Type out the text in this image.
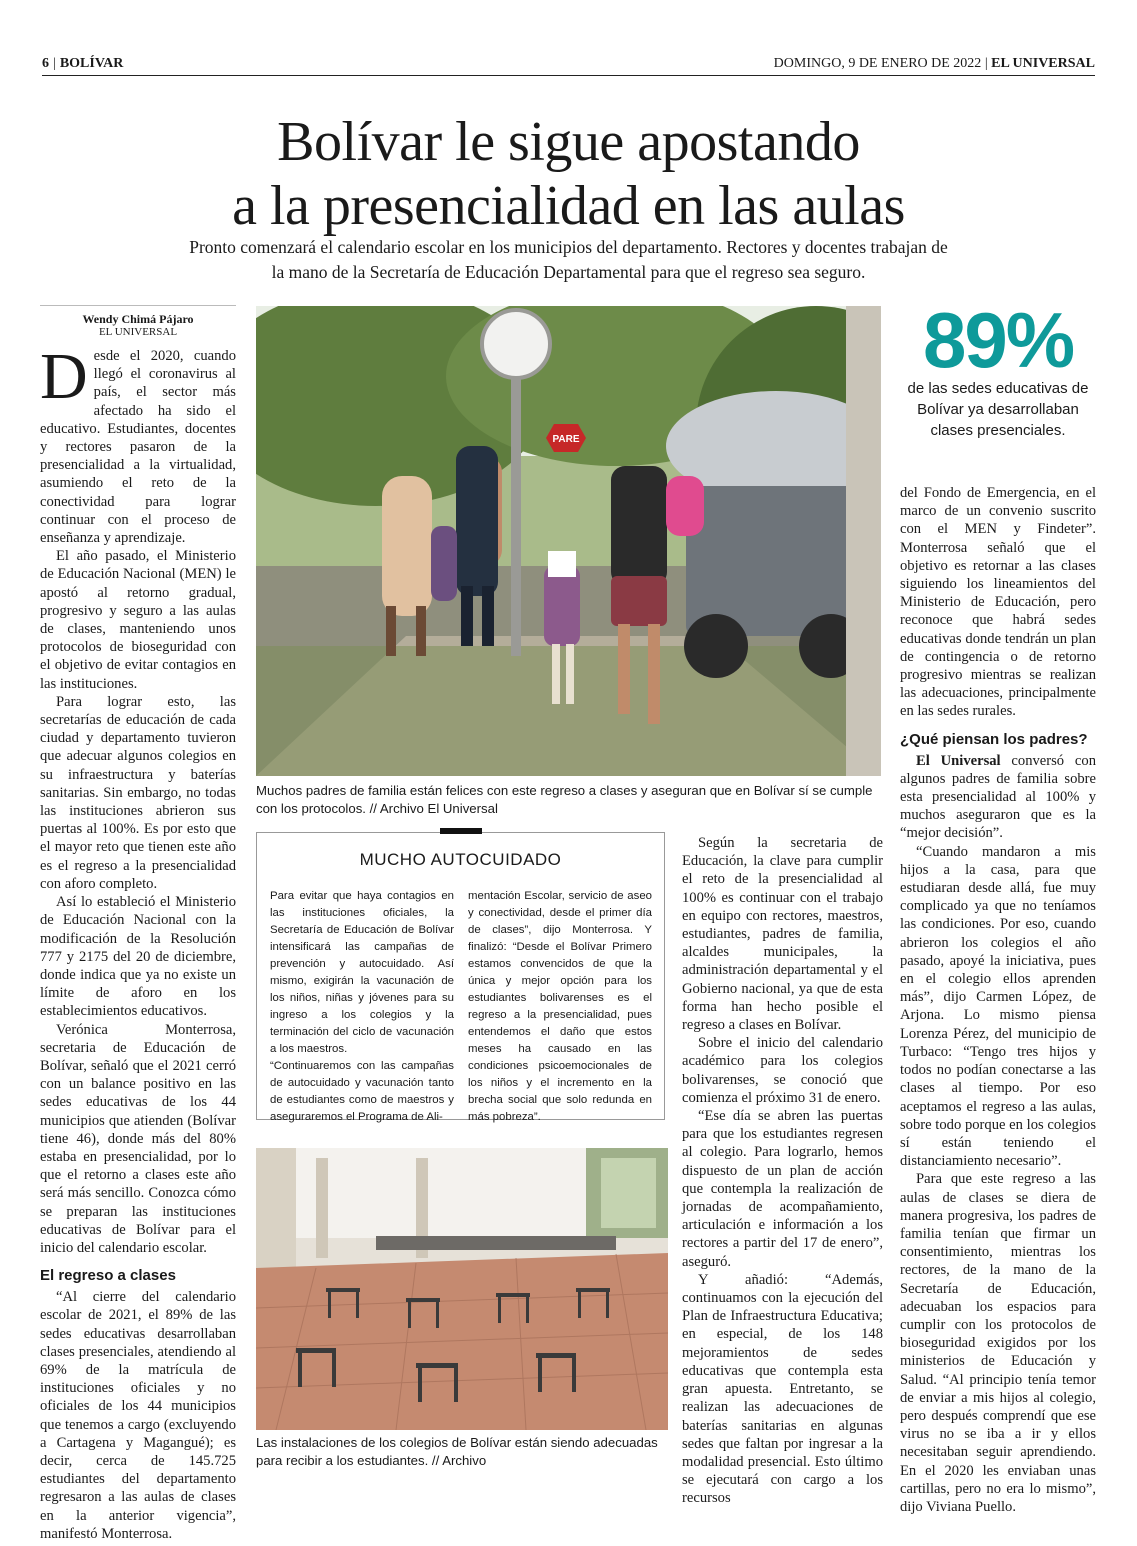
6 | BOLÍVAR	DOMINGO, 9 DE ENERO DE 2022 | EL UNIVERSAL
Bolívar le sigue apostando
a la presencialidad en las aulas
Pronto comenzará el calendario escolar en los municipios del departamento. Rectores y docentes trabajan de
la mano de la Secretaría de Educación Departamental para que el regreso sea seguro.
Wendy Chimá Pájaro
EL UNIVERSAL

Desde el 2020, cuando llegó el coronavirus al país, el sector más afectado ha sido el educativo. Estudiantes, docentes y rectores pasaron de la presencialidad a la virtualidad, asumiendo el reto de la conectividad para lograr continuar con el proceso de enseñanza y aprendizaje.

El año pasado, el Ministerio de Educación Nacional (MEN) le apostó al retorno gradual, progresivo y seguro a las aulas de clases, manteniendo unos protocolos de bioseguridad con el objetivo de evitar contagios en las instituciones.

Para lograr esto, las secretarías de educación de cada ciudad y departamento tuvieron que adecuar algunos colegios en su infraestructura y baterías sanitarias. Sin embargo, no todas las instituciones abrieron sus puertas al 100%. Es por esto que el mayor reto que tienen este año es el regreso a la presencialidad con aforo completo.

Así lo estableció el Ministerio de Educación Nacional con la modificación de la Resolución 777 y 2175 del 20 de diciembre, donde indica que ya no existe un límite de aforo en los establecimientos educativos.

Verónica Monterrosa, secretaria de Educación de Bolívar, señaló que el 2021 cerró con un balance positivo en las sedes educativas de los 44 municipios que atienden (Bolívar tiene 46), donde más del 80% estaba en presencialidad, por lo que el retorno a clases este año será más sencillo. Conozca cómo se preparan las instituciones educativas de Bolívar para el inicio del calendario escolar.

El regreso a clases

“Al cierre del calendario escolar de 2021, el 89% de las sedes educativas desarrollaban clases presenciales, atendiendo al 69% de la matrícula de instituciones oficiales y no oficiales de los 44 municipios que tenemos a cargo (excluyendo a Cartagena y Magangué); es decir, cerca de 145.725 estudiantes del departamento regresaron a las aulas de clases en la anterior vigencia”, manifestó Monterrosa.

PARE
Muchos padres de familia están felices con este regreso a clases y aseguran que en Bolívar sí se cumple con los protocolos. // Archivo El Universal
89%
de las sedes educativas de Bolívar ya desarrollaban clases presenciales.
MUCHO AUTOCUIDADO

Para evitar que haya contagios en las instituciones oficiales, la Secretaría de Educación de Bolívar intensificará las campañas de prevención y autocuidado. Así mismo, exigirán la vacunación de los niños, niñas y jóvenes para su ingreso a los colegios y la terminación del ciclo de vacunación a los maestros.

“Continuaremos con las campañas de autocuidado y vacunación tanto de estudiantes como de maestros y aseguraremos el Programa de Ali-

mentación Escolar, servicio de aseo y conectividad, desde el primer día de clases”, dijo Monterrosa. Y finalizó: “Desde el Bolívar Primero estamos convencidos de que la única y mejor opción para los estudiantes bolivarenses es el regreso a la presencialidad, pues entendemos el daño que estos meses ha causado en las condiciones psicoemocionales de los niños y el incremento en la brecha social que solo redunda en más pobreza”.

Las instalaciones de los colegios de Bolívar están siendo adecuadas para recibir a los estudiantes. // Archivo

Según la secretaria de Educación, la clave para cumplir el reto de la presencialidad al 100% es continuar con el trabajo en equipo con rectores, maestros, estudiantes, padres de familia, alcaldes municipales, la administración departamental y el Gobierno nacional, ya que de esta forma han hecho posible el regreso a clases en Bolívar.

Sobre el inicio del calendario académico para los colegios bolivarenses, se conoció que comienza el próximo 31 de enero.

“Ese día se abren las puertas para que los estudiantes regresen al colegio. Para lograrlo, hemos dispuesto de un plan de acción que contempla la realización de jornadas de acompañamiento, articulación e información a los rectores a partir del 17 de enero”, aseguró.

Y añadió: “Además, continuamos con la ejecución del Plan de Infraestructura Educativa; en especial, de los 148 mejoramientos de sedes educativas que contempla esta gran apuesta. Entretanto, se realizan las adecuaciones de baterías sanitarias en algunas sedes que faltan por ingresar a la modalidad presencial. Esto último se ejecutará con cargo a los recursos

del Fondo de Emergencia, en el marco de un convenio suscrito con el MEN y Findeter”. Monterrosa señaló que el objetivo es retornar a las clases siguiendo los lineamientos del Ministerio de Educación, pero reconoce que habrá sedes educativas donde tendrán un plan de contingencia o de retorno progresivo mientras se realizan las adecuaciones, principalmente en las sedes rurales.

¿Qué piensan los padres?

El Universal conversó con algunos padres de familia sobre esta presencialidad al 100% y muchos aseguraron que es la “mejor decisión”.

“Cuando mandaron a mis hijos a la casa, para que estudiaran desde allá, fue muy complicado ya que no teníamos las condiciones. Por eso, cuando abrieron los colegios el año pasado, apoyé la iniciativa, pues en el colegio ellos aprenden más”, dijo Carmen López, de Arjona. Lo mismo piensa Lorenza Pérez, del municipio de Turbaco: “Tengo tres hijos y todos no podían conectarse a las clases al tiempo. Por eso aceptamos el regreso a las aulas, sobre todo porque en los colegios sí están teniendo el distanciamiento necesario”.

Para que este regreso a las aulas de clases se diera de manera progresiva, los padres de familia tenían que firmar un consentimiento, mientras los rectores, de la mano de la Secretaría de Educación, adecuaban los espacios para cumplir con los protocolos de bioseguridad exigidos por los ministerios de Educación y Salud. “Al principio tenía temor de enviar a mis hijos al colegio, pero después comprendí que ese virus no se iba a ir y ellos necesitaban seguir aprendiendo. En el 2020 les enviaban unas cartillas, pero no era lo mismo”, dijo Viviana Puello.
